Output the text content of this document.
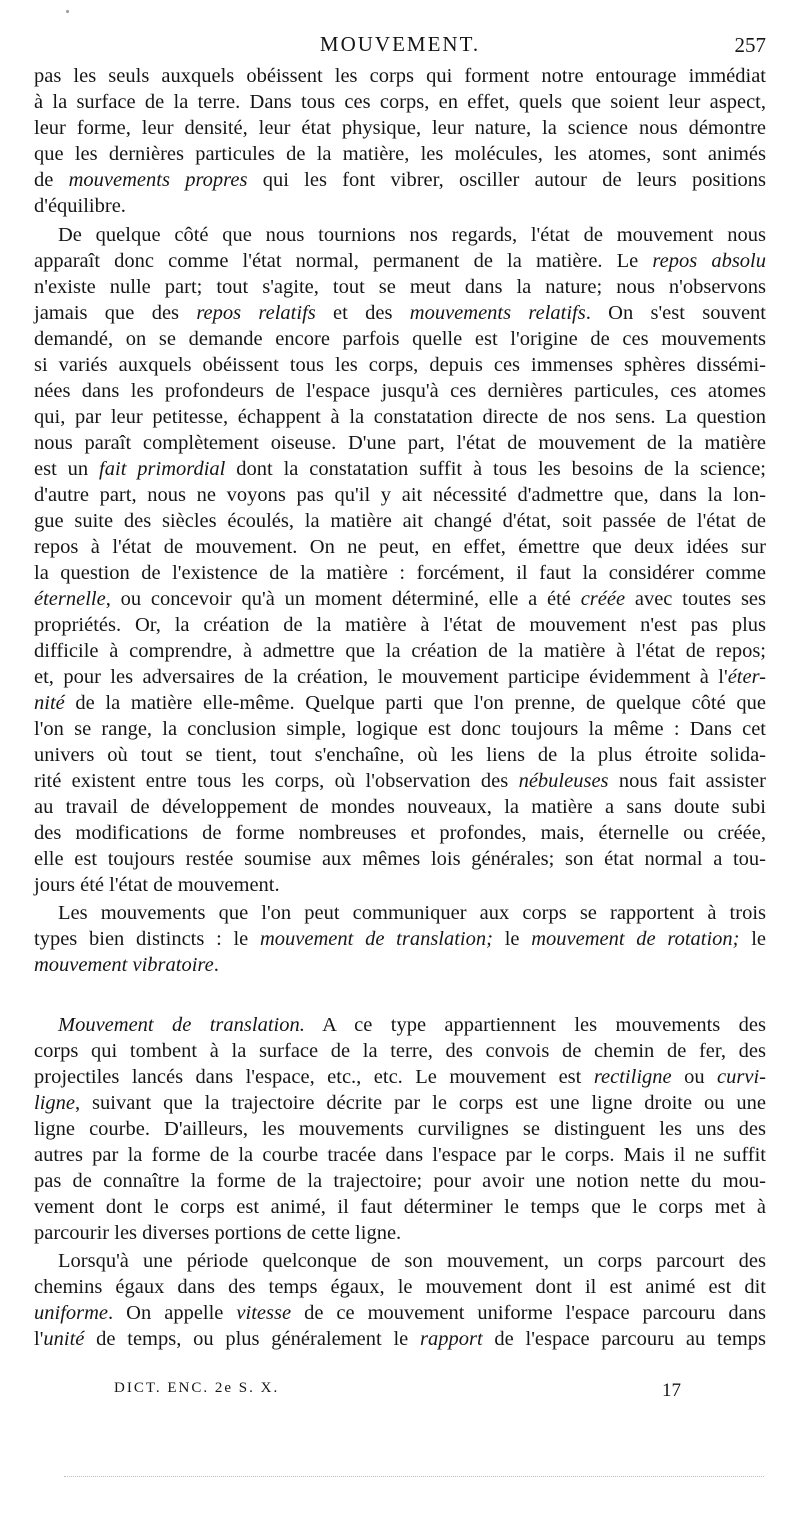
MOUVEMENT.	257
pas les seuls auxquels obéissent les corps qui forment notre entourage immédiat
à la surface de la terre. Dans tous ces corps, en effet, quels que soient leur aspect,
leur forme, leur densité, leur état physique, leur nature, la science nous démontre
que les dernières particules de la matière, les molécules, les atomes, sont animés
de mouvements propres qui les font vibrer, osciller autour de leurs positions
d'équilibre.
De quelque côté que nous tournions nos regards, l'état de mouvement nous
apparaît donc comme l'état normal, permanent de la matière. Le repos absolu
n'existe nulle part; tout s'agite, tout se meut dans la nature; nous n'observons
jamais que des repos relatifs et des mouvements relatifs. On s'est souvent
demandé, on se demande encore parfois quelle est l'origine de ces mouvements
si variés auxquels obéissent tous les corps, depuis ces immenses sphères dissémi-
nées dans les profondeurs de l'espace jusqu'à ces dernières particules, ces atomes
qui, par leur petitesse, échappent à la constatation directe de nos sens. La question
nous paraît complètement oiseuse. D'une part, l'état de mouvement de la matière
est un fait primordial dont la constatation suffit à tous les besoins de la science;
d'autre part, nous ne voyons pas qu'il y ait nécessité d'admettre que, dans la lon-
gue suite des siècles écoulés, la matière ait changé d'état, soit passée de l'état de
repos à l'état de mouvement. On ne peut, en effet, émettre que deux idées sur
la question de l'existence de la matière : forcément, il faut la considérer comme
éternelle, ou concevoir qu'à un moment déterminé, elle a été créée avec toutes ses
propriétés. Or, la création de la matière à l'état de mouvement n'est pas plus
difficile à comprendre, à admettre que la création de la matière à l'état de repos;
et, pour les adversaires de la création, le mouvement participe évidemment à l'éter-
nité de la matière elle-même. Quelque parti que l'on prenne, de quelque côté que
l'on se range, la conclusion simple, logique est donc toujours la même : Dans cet
univers où tout se tient, tout s'enchaîne, où les liens de la plus étroite solida-
rité existent entre tous les corps, où l'observation des nébuleuses nous fait assister
au travail de développement de mondes nouveaux, la matière a sans doute subi
des modifications de forme nombreuses et profondes, mais, éternelle ou créée,
elle est toujours restée soumise aux mêmes lois générales; son état normal a tou-
jours été l'état de mouvement.
Les mouvements que l'on peut communiquer aux corps se rapportent à trois
types bien distincts : le mouvement de translation; le mouvement de rotation; le
mouvement vibratoire.
Mouvement de translation. A ce type appartiennent les mouvements des
corps qui tombent à la surface de la terre, des convois de chemin de fer, des
projectiles lancés dans l'espace, etc., etc. Le mouvement est rectiligne ou curvi-
ligne, suivant que la trajectoire décrite par le corps est une ligne droite ou une
ligne courbe. D'ailleurs, les mouvements curvilignes se distinguent les uns des
autres par la forme de la courbe tracée dans l'espace par le corps. Mais il ne suffit
pas de connaître la forme de la trajectoire; pour avoir une notion nette du mou-
vement dont le corps est animé, il faut déterminer le temps que le corps met à
parcourir les diverses portions de cette ligne.
Lorsqu'à une période quelconque de son mouvement, un corps parcourt des
chemins égaux dans des temps égaux, le mouvement dont il est animé est dit
uniforme. On appelle vitesse de ce mouvement uniforme l'espace parcouru dans
l'unité de temps, ou plus généralement le rapport de l'espace parcouru au temps
DICT. ENC. 2e S. X.	17
